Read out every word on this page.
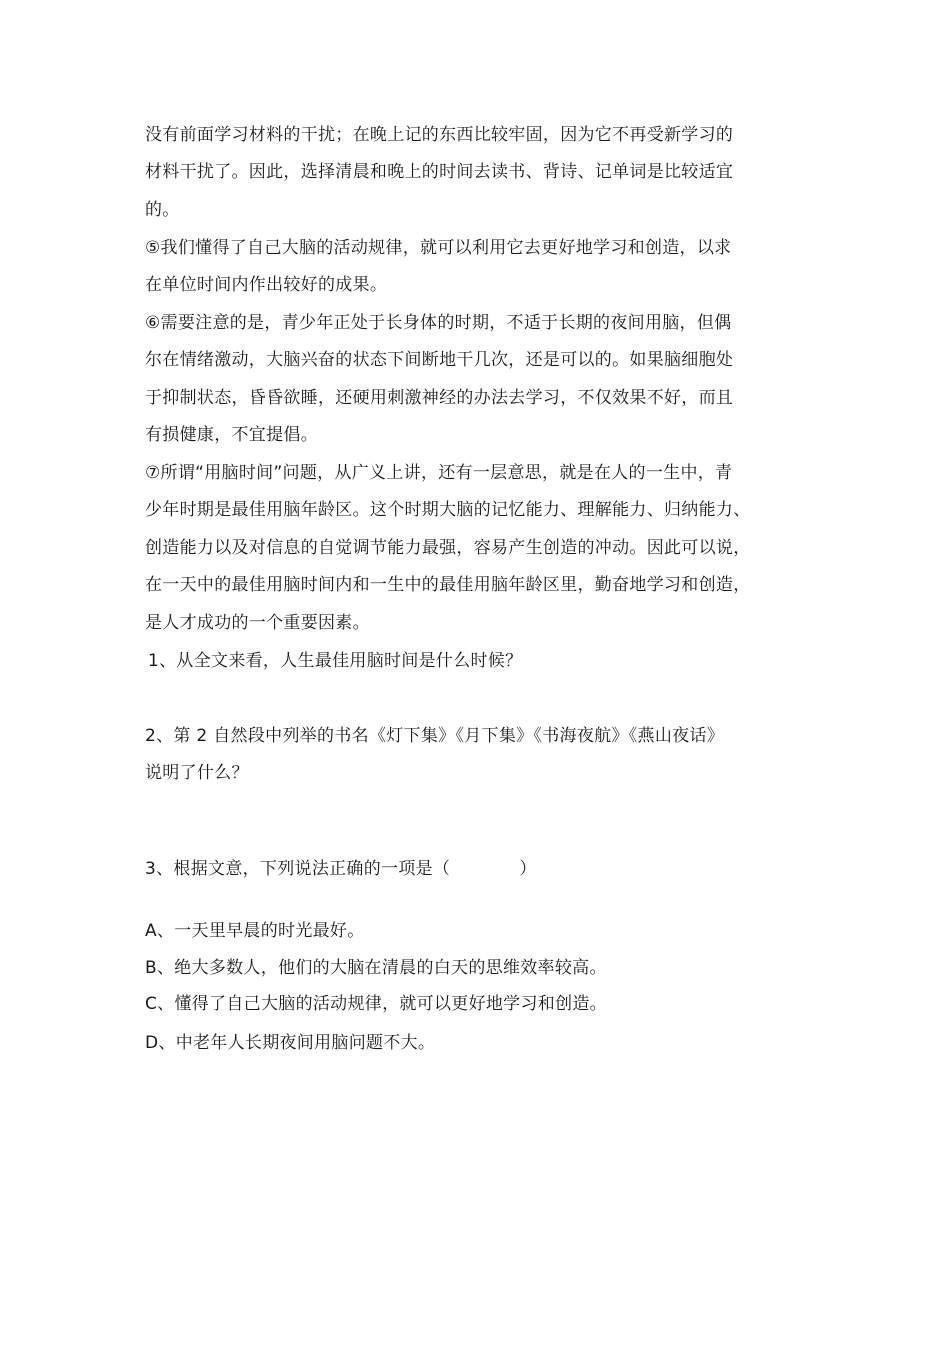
没有前面学习材料的干扰；在晚上记的东西比较牢固，因为它不再受新学习的
材料干扰了。因此，选择清晨和晚上的时间去读书、背诗、记单词是比较适宜
的。
⑤我们懂得了自己大脑的活动规律，就可以利用它去更好地学习和创造，以求
在单位时间内作出较好的成果。
⑥需要注意的是，青少年正处于长身体的时期，不适于长期的夜间用脑，但偶
尔在情绪激动，大脑兴奋的状态下间断地干几次，还是可以的。如果脑细胞处
于抑制状态，昏昏欲睡，还硬用刺激神经的办法去学习，不仅效果不好，而且
有损健康，不宜提倡。
⑦所谓“用脑时间”问题，从广义上讲，还有一层意思，就是在人的一生中，青
少年时期是最佳用脑年龄区。这个时期大脑的记忆能力、理解能力、归纳能力、
创造能力以及对信息的自觉调节能力最强，容易产生创造的冲动。因此可以说，
在一天中的最佳用脑时间内和一生中的最佳用脑年龄区里，勤奋地学习和创造，
是人才成功的一个重要因素。
1、从全文来看，人生最佳用脑时间是什么时候？
2、第 2 自然段中列举的书名《灯下集》《月下集》《书海夜航》《燕山夜话》
说明了什么？
3、根据文意，下列说法正确的一项是（　　　　）
A、一天里早晨的时光最好。
B、绝大多数人，他们的大脑在清晨的白天的思维效率较高。
C、懂得了自己大脑的活动规律，就可以更好地学习和创造。
D、中老年人长期夜间用脑问题不大。
